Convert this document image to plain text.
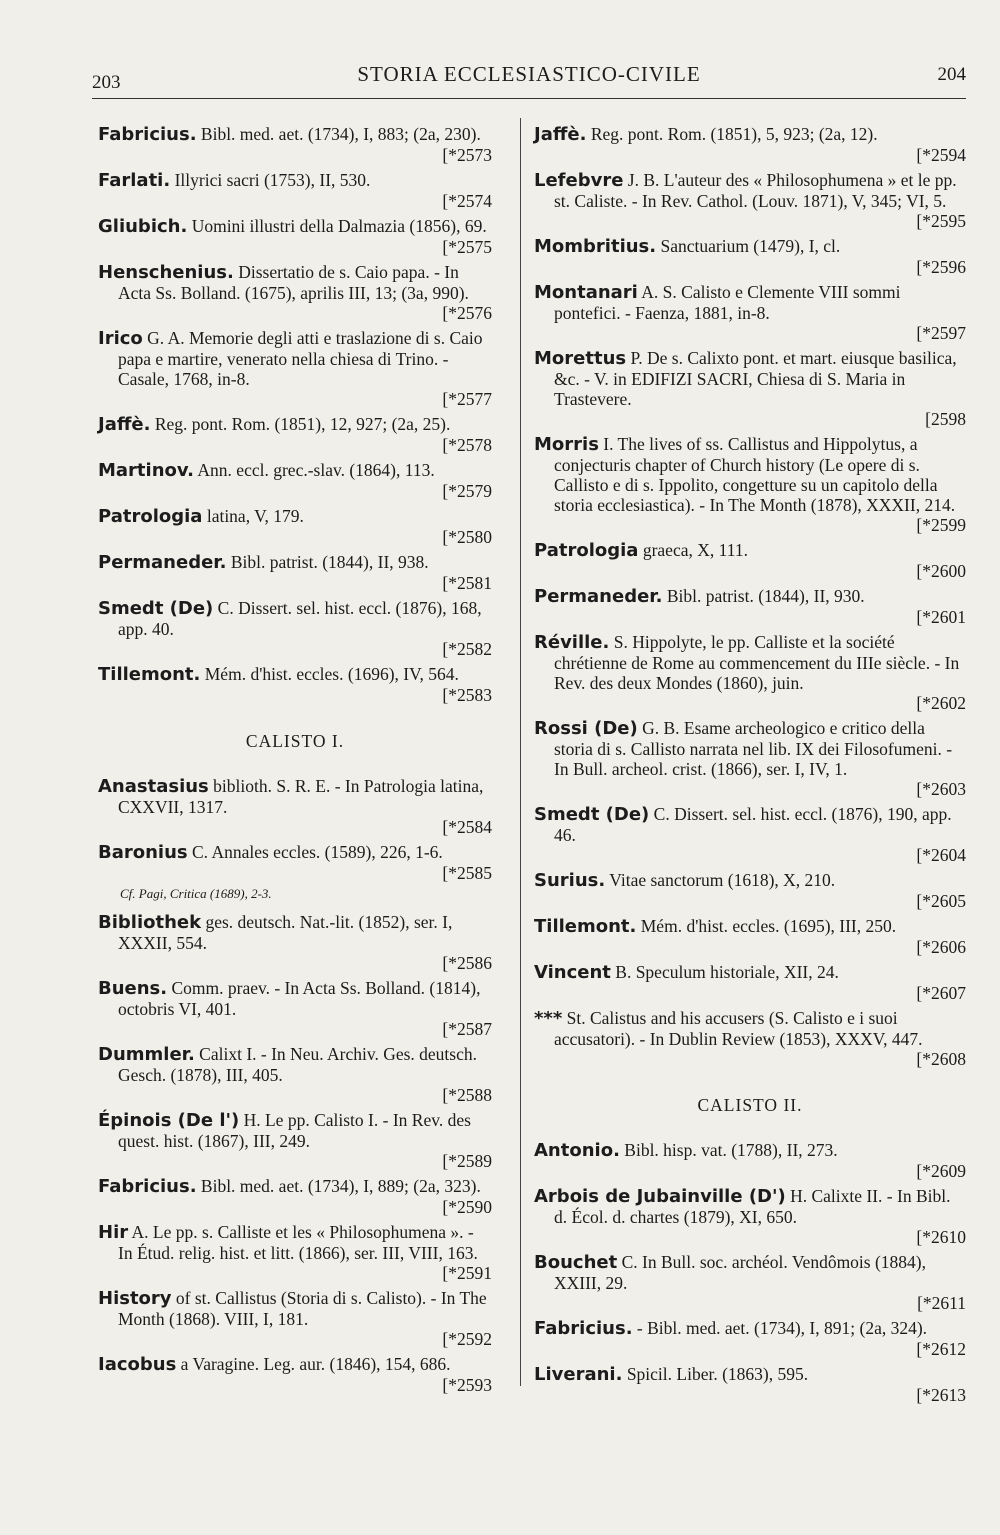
203	STORIA ECCLESIASTICO-CIVILE	204
Fabricius. Bibl. med. aet. (1734), I, 883; (2a, 230).
[*2573
Farlati. Illyrici sacri (1753), II, 530.
[*2574
Gliubich. Uomini illustri della Dalmazia (1856), 69.
[*2575
Henschenius. Dissertatio de s. Caio papa. - In Acta Ss. Bolland. (1675), aprilis III, 13; (3a, 990).
[*2576
Irico G. A. Memorie degli atti e traslazione di s. Caio papa e martire, venerato nella chiesa di Trino. - Casale, 1768, in-8.
[*2577
Jaffè. Reg. pont. Rom. (1851), 12, 927; (2a, 25).
[*2578
Martinov. Ann. eccl. grec.-slav. (1864), 113.
[*2579
Patrologia latina, V, 179.
[*2580
Permaneder. Bibl. patrist. (1844), II, 938.
[*2581
Smedt (De) C. Dissert. sel. hist. eccl. (1876), 168, app. 40.
[*2582
Tillemont. Mém. d'hist. eccles. (1696), IV, 564.
[*2583
CALISTO I.
Anastasius biblioth. S. R. E. - In Patrologia latina, CXXVII, 1317.
[*2584
Baronius C. Annales eccles. (1589), 226, 1-6.
[*2585
Cf. Pagi, Critica (1689), 2-3.
Bibliothek ges. deutsch. Nat.-lit. (1852), ser. I, XXXII, 554.
[*2586
Buens. Comm. praev. - In Acta Ss. Bolland. (1814), octobris VI, 401.
[*2587
Dummler. Calixt I. - In Neu. Archiv. Ges. deutsch. Gesch. (1878), III, 405.
[*2588
Épinois (De l') H. Le pp. Calisto I. - In Rev. des quest. hist. (1867), III, 249.
[*2589
Fabricius. Bibl. med. aet. (1734), I, 889; (2a, 323).
[*2590
Hir A. Le pp. s. Calliste et les « Philosophumena ». - In Étud. relig. hist. et litt. (1866), ser. III, VIII, 163.
[*2591
History of st. Callistus (Storia di s. Calisto). - In The Month (1868). VIII, I, 181.
[*2592
Iacobus a Varagine. Leg. aur. (1846), 154, 686.
[*2593
Jaffè. Reg. pont. Rom. (1851), 5, 923; (2a, 12).
[*2594
Lefebvre J. B. L'auteur des « Philosophumena » et le pp. st. Caliste. - In Rev. Cathol. (Louv. 1871), V, 345; VI, 5.
[*2595
Mombritius. Sanctuarium (1479), I, cl.
[*2596
Montanari A. S. Calisto e Clemente VIII sommi pontefici. - Faenza, 1881, in-8.
[*2597
Morettus P. De s. Calixto pont. et mart. eiusque basilica, &c. - V. in EDIFIZI SACRI, Chiesa di S. Maria in Trastevere.
[2598
Morris I. The lives of ss. Callistus and Hippolytus, a conjecturis chapter of Church history (Le opere di s. Callisto e di s. Ippolito, congetture su un capitolo della storia ecclesiastica). - In The Month (1878), XXXII, 214.
[*2599
Patrologia graeca, X, 111.
[*2600
Permaneder. Bibl. patrist. (1844), II, 930.
[*2601
Réville. S. Hippolyte, le pp. Calliste et la société chrétienne de Rome au commencement du IIIe siècle. - In Rev. des deux Mondes (1860), juin.
[*2602
Rossi (De) G. B. Esame archeologico e critico della storia di s. Callisto narrata nel lib. IX dei Filosofumeni. - In Bull. archeol. crist. (1866), ser. I, IV, 1.
[*2603
Smedt (De) C. Dissert. sel. hist. eccl. (1876), 190, app. 46.
[*2604
Surius. Vitae sanctorum (1618), X, 210.
[*2605
Tillemont. Mém. d'hist. eccles. (1695), III, 250.
[*2606
Vincent B. Speculum historiale, XII, 24.
[*2607
*** St. Calistus and his accusers (S. Calisto e i suoi accusatori). - In Dublin Review (1853), XXXV, 447.
[*2608
CALISTO II.
Antonio. Bibl. hisp. vat. (1788), II, 273.
[*2609
Arbois de Jubainville (D') H. Calixte II. - In Bibl. d. Écol. d. chartes (1879), XI, 650.
[*2610
Bouchet C. In Bull. soc. archéol. Vendômois (1884), XXIII, 29.
[*2611
Fabricius. - Bibl. med. aet. (1734), I, 891; (2a, 324).
[*2612
Liverani. Spicil. Liber. (1863), 595.
[*2613
